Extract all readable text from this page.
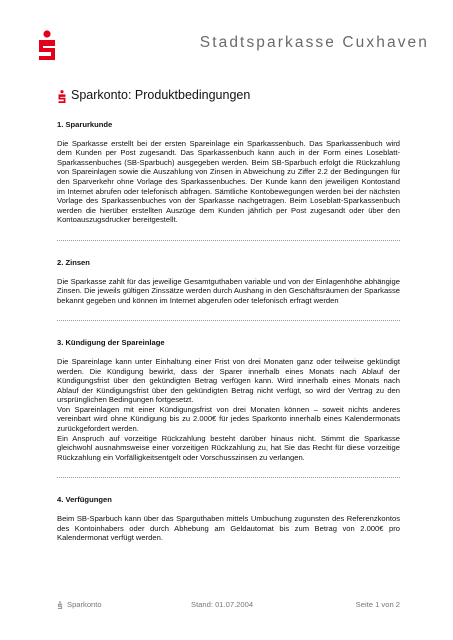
Stadtsparkasse Cuxhaven
Sparkonto: Produktbedingungen
1. Sparurkunde

Die Sparkasse erstellt bei der ersten Spareinlage ein Sparkassenbuch. Das Sparkassenbuch wird dem Kunden per Post zugesandt. Das Sparkassenbuch kann auch in der Form eines Loseblatt-Sparkassenbuches (SB-Sparbuch) ausgegeben werden. Beim SB-Sparbuch erfolgt die Rückzahlung von Spareinlagen sowie die Auszahlung von Zinsen in Abweichung zu Ziffer 2.2 der Bedingungen für den Sparverkehr ohne Vorlage des Sparkassenbuches. Der Kunde kann den jeweiligen Kontostand im Internet abrufen oder telefonisch abfragen. Sämtliche Kontobewegungen werden bei der nächsten Vorlage des Sparkassenbuches von der Sparkasse nachgetragen. Beim Loseblatt-Sparkassenbuch werden die hierüber erstellten Auszüge dem Kunden jährlich per Post zugesandt oder über den Kontoauszugsdrucker bereitgestellt.

2. Zinsen

Die Sparkasse zahlt für das jeweilige Gesamtguthaben variable und von der Einlagenhöhe abhängige Zinsen. Die jeweils gültigen Zinssätze werden durch Aushang in den Geschäftsräumen der Sparkasse bekannt gegeben und können im Internet abgerufen oder telefonisch erfragt werden

3. Kündigung der Spareinlage

Die Spareinlage kann unter Einhaltung einer Frist von drei Monaten ganz oder teilweise gekündigt werden. Die Kündigung bewirkt, dass der Sparer innerhalb eines Monats nach Ablauf der Kündigungsfrist über den gekündigten Betrag verfügen kann. Wird innerhalb eines Monats nach Ablauf der Kündigungsfrist über den gekündigten Betrag nicht verfügt, so wird der Vertrag zu den ursprünglichen Bedingungen fortgesetzt.

Von Spareinlagen mit einer Kündigungsfrist von drei Monaten können – soweit nichts anderes vereinbart wird ohne Kündigung bis zu 2.000€ für jedes Sparkonto innerhalb eines Kalendermonats zurückgefordert werden.

Ein Anspruch auf vorzeitige Rückzahlung besteht darüber hinaus nicht. Stimmt die Sparkasse gleichwohl ausnahmsweise einer vorzeitigen Rückzahlung zu, hat Sie das Recht für diese vorzeitige Rückzahlung ein Vorfälligkeitsentgelt oder Vorschusszinsen zu verlangen.

4. Verfügungen

Beim SB-Sparbuch kann über das Sparguthaben mittels Umbuchung zugunsten des Referenzkontos des Kontoinhabers oder durch Abhebung am Geldautomat bis zum Betrag von 2.000€ pro Kalendermonat verfügt werden.

Sparkonto	Stand: 01.07.2004	Seite 1 von 2
